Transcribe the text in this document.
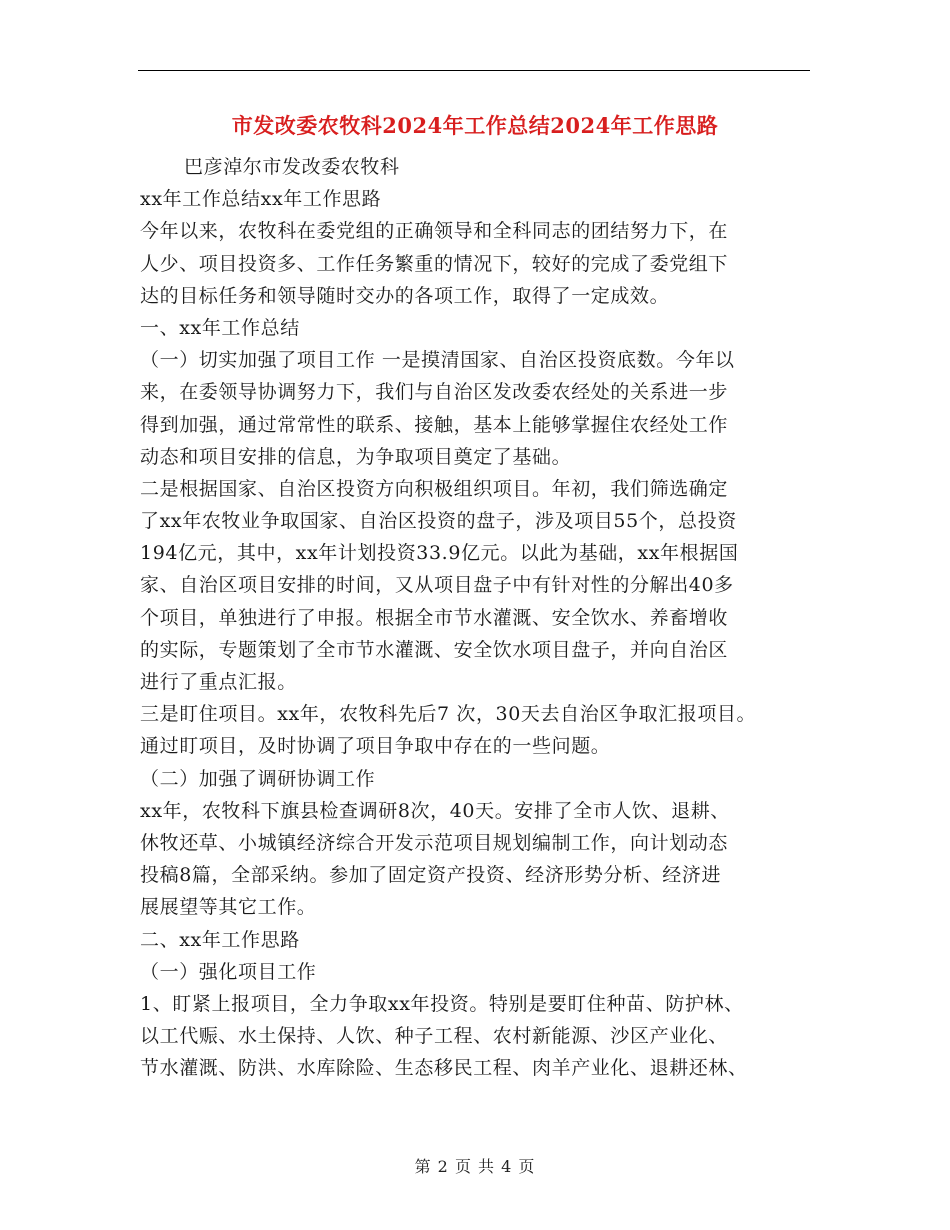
市发改委农牧科2024年工作总结2024年工作思路
巴彦淖尔市发改委农牧科
xx年工作总结xx年工作思路
今年以来，农牧科在委党组的正确领导和全科同志的团结努力下，在
人少、项目投资多、工作任务繁重的情况下，较好的完成了委党组下
达的目标任务和领导随时交办的各项工作，取得了一定成效。
一、xx年工作总结
（一）切实加强了项目工作 一是摸清国家、自治区投资底数。今年以
来，在委领导协调努力下，我们与自治区发改委农经处的关系进一步
得到加强，通过常常性的联系、接触，基本上能够掌握住农经处工作
动态和项目安排的信息，为争取项目奠定了基础。
二是根据国家、自治区投资方向积极组织项目。年初，我们筛选确定
了xx年农牧业争取国家、自治区投资的盘子，涉及项目55个，总投资
194亿元，其中，xx年计划投资33.9亿元。以此为基础，xx年根据国
家、自治区项目安排的时间，又从项目盘子中有针对性的分解出40多
个项目，单独进行了申报。根据全市节水灌溉、安全饮水、养畜增收
的实际，专题策划了全市节水灌溉、安全饮水项目盘子，并向自治区
进行了重点汇报。
三是盯住项目。xx年，农牧科先后7 次，30天去自治区争取汇报项目。
通过盯项目，及时协调了项目争取中存在的一些问题。
（二）加强了调研协调工作
xx年，农牧科下旗县检查调研8次，40天。安排了全市人饮、退耕、
休牧还草、小城镇经济综合开发示范项目规划编制工作，向计划动态
投稿8篇，全部采纳。参加了固定资产投资、经济形势分析、经济进
展展望等其它工作。
二、xx年工作思路
（一）强化项目工作
1、盯紧上报项目，全力争取xx年投资。特别是要盯住种苗、防护林、
以工代赈、水土保持、人饮、种子工程、农村新能源、沙区产业化、
节水灌溉、防洪、水库除险、生态移民工程、肉羊产业化、退耕还林、
第 2 页 共 4 页
